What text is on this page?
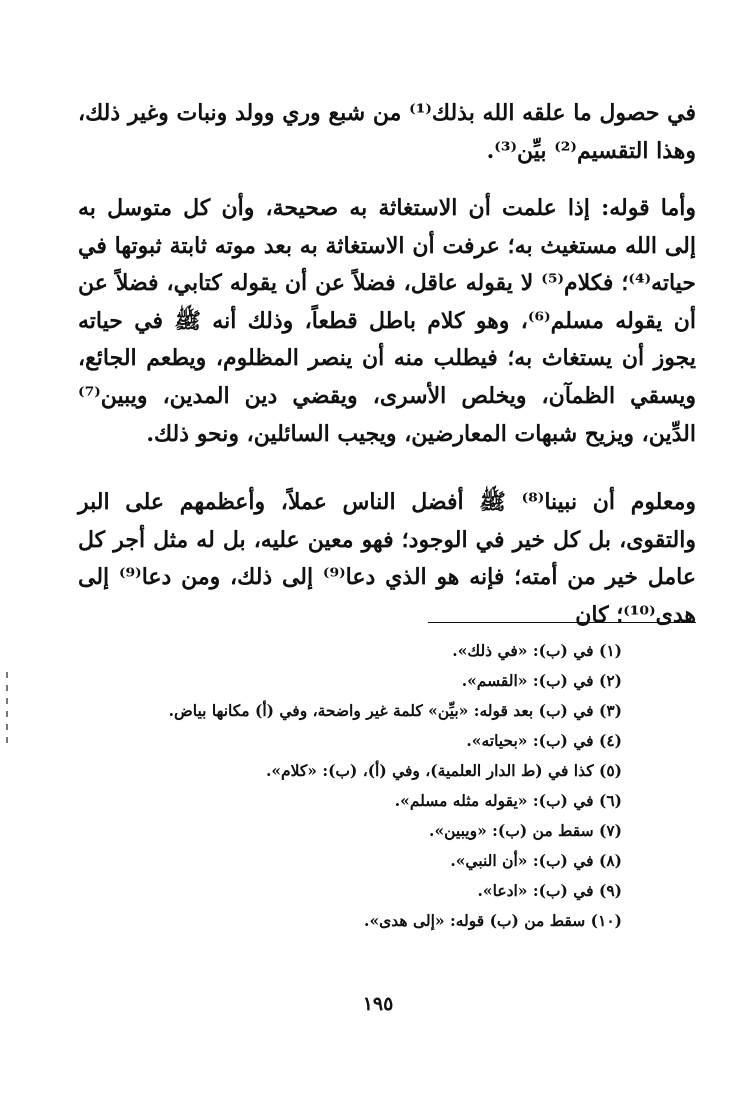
في حصول ما علقه الله بذلك⁽¹⁾ من شبع وري وولد ونبات وغير ذلك، وهذا التقسيم⁽²⁾ بيِّن⁽³⁾.

وأما قوله: إذا علمت أن الاستغاثة به صحيحة، وأن كل متوسل به إلى الله مستغيث به؛ عرفت أن الاستغاثة به بعد موته ثابتة ثبوتها في حياته⁽⁴⁾؛ فكلام⁽⁵⁾ لا يقوله عاقل، فضلاً عن أن يقوله كتابي، فضلاً عن أن يقوله مسلم⁽⁶⁾، وهو كلام باطل قطعاً، وذلك أنه ﷺ في حياته يجوز أن يستغاث به؛ فيطلب منه أن ينصر المظلوم، ويطعم الجائع، ويسقي الظمآن، ويخلص الأسرى، ويقضي دين المدين، ويبين⁽⁷⁾ الدِّين، ويزيح شبهات المعارضين، ويجيب السائلين، ونحو ذلك.

ومعلوم أن نبينا⁽⁸⁾ ﷺ أفضل الناس عملاً، وأعظمهم على البر والتقوى، بل كل خير في الوجود؛ فهو معين عليه، بل له مثل أجر كل عامل خير من أمته؛ فإنه هو الذي دعا⁽⁹⁾ إلى ذلك، ومن دعا⁽⁹⁾ إلى هدى⁽¹⁰⁾؛ كان

(١) في (ب): «في ذلك».
(٢) في (ب): «القسم».
(٣) في (ب) بعد قوله: «بيِّن» كلمة غير واضحة، وفي (أ) مكانها بياض.
(٤) في (ب): «بحياته».
(٥) كذا في (ط الدار العلمية)، وفي (أ)، (ب): «كلام».
(٦) في (ب): «يقوله مثله مسلم».
(٧) سقط من (ب): «ويبين».
(٨) في (ب): «أن النبي».
(٩) في (ب): «ادعا».
(١٠) سقط من (ب) قوله: «إلى هدى».
١٩٥
